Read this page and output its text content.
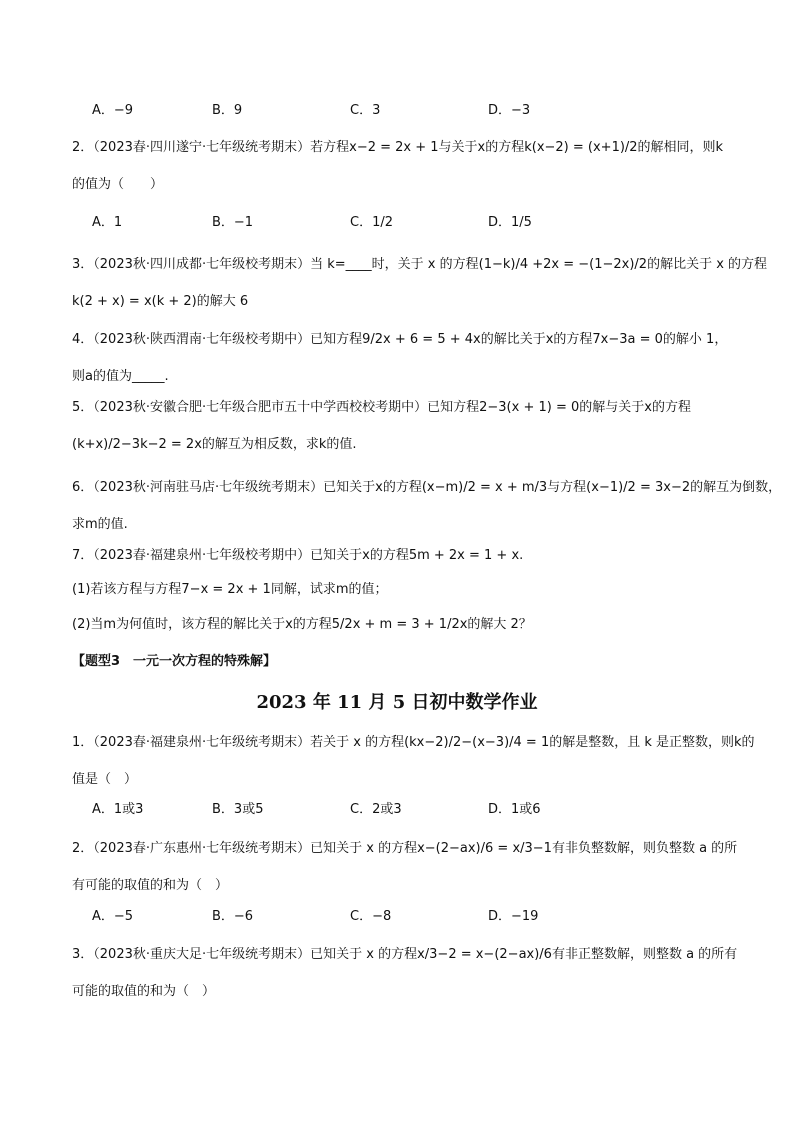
A．−9	B．9	C．3	D．−3
2．（2023春·四川遂宁·七年级统考期末）若方程x−2 = 2x + 1与关于x的方程k(x−2) = (x+1)/2的解相同，则k
的值为（　　）
A．1	B．−1	C．1/2	D．1/5
3．（2023秋·四川成都·七年级校考期末）当 k=____时，关于 x 的方程(1−k)/4 +2x = −(1−2x)/2的解比关于 x 的方程
k(2 + x) = x(k + 2)的解大 6
4．（2023秋·陕西渭南·七年级校考期中）已知方程9/2x + 6 = 5 + 4x的解比关于x的方程7x−3a = 0的解小 1，
则a的值为_____.
5．（2023秋·安徽合肥·七年级合肥市五十中学西校校考期中）已知方程2−3(x + 1) = 0的解与关于x的方程
(k+x)/2−3k−2 = 2x的解互为相反数，求k的值.
6．（2023秋·河南驻马店·七年级统考期末）已知关于x的方程(x−m)/2 = x + m/3与方程(x−1)/2 = 3x−2的解互为倒数，
求m的值.
7．（2023春·福建泉州·七年级校考期中）已知关于x的方程5m + 2x = 1 + x.
(1)若该方程与方程7−x = 2x + 1同解，试求m的值；
(2)当m为何值时，该方程的解比关于x的方程5/2x + m = 3 + 1/2x的解大 2？
【题型3　一元一次方程的特殊解】
2023 年 11 月 5 日初中数学作业
1．（2023春·福建泉州·七年级统考期末）若关于 x 的方程(kx−2)/2−(x−3)/4 = 1的解是整数，且 k 是正整数，则k的
值是（　）
A．1或3	B．3或5	C．2或3	D．1或6
2．（2023春·广东惠州·七年级统考期末）已知关于 x 的方程x−(2−ax)/6 = x/3−1有非负整数解，则负整数 a 的所
有可能的取值的和为（　）
A．−5	B．−6	C．−8	D．−19
3．（2023秋·重庆大足·七年级统考期末）已知关于 x 的方程x/3−2 = x−(2−ax)/6有非正整数解，则整数 a 的所有
可能的取值的和为（　）
